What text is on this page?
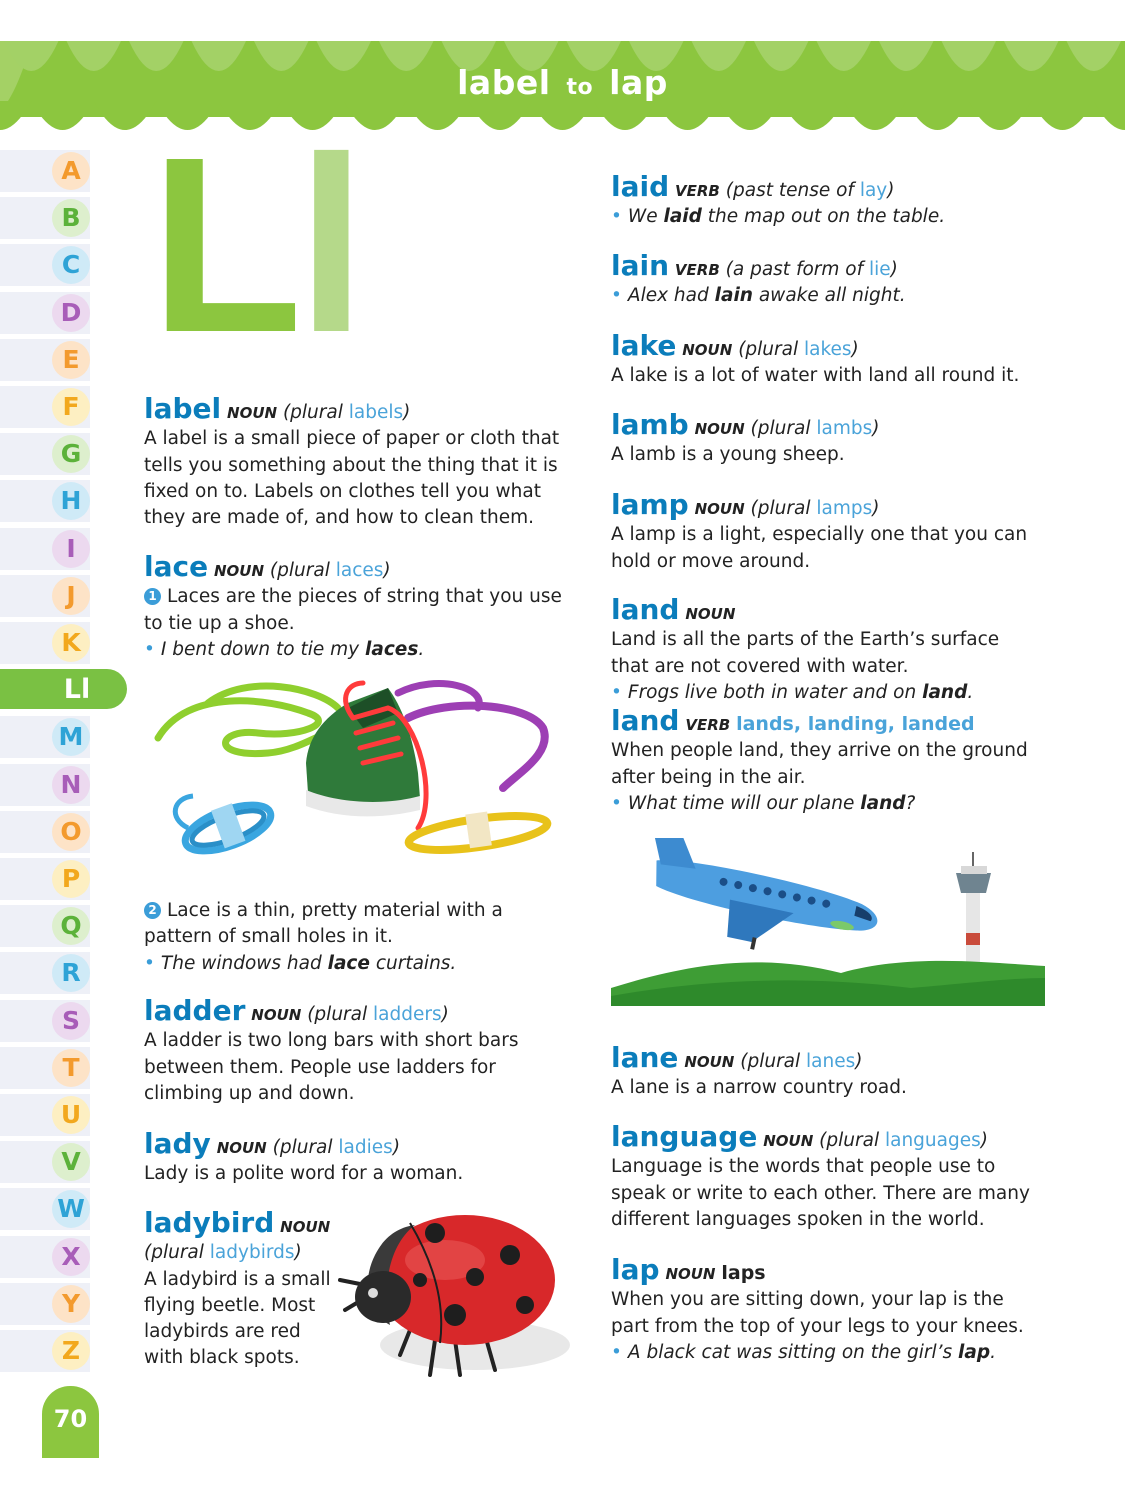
label to lap
A
B
C
D
E
F
G
H
I
J
K
Ll
M
N
O
P
Q
R
S
T
U
V
W
X
Y
Z
70
Ll
label NOUN (plural labels)
A label is a small piece of paper or cloth that tells you something about the thing that it is fixed on to. Labels on clothes tell you what they are made of, and how to clean them.
lace NOUN (plural laces)
1 Laces are the pieces of string that you use to tie up a shoe.
• I bent down to tie my laces.
2 Lace is a thin, pretty material with a pattern of small holes in it.
• The windows had lace curtains.
ladder NOUN (plural ladders)
A ladder is two long bars with short bars between them. People use ladders for climbing up and down.
lady NOUN (plural ladies)
Lady is a polite word for a woman.
ladybird NOUN
(plural ladybirds)
A ladybird is a small flying beetle. Most ladybirds are red with black spots.
laid VERB (past tense of lay)
• We laid the map out on the table.
lain VERB (a past form of lie)
• Alex had lain awake all night.
lake NOUN (plural lakes)
A lake is a lot of water with land all round it.
lamb NOUN (plural lambs)
A lamb is a young sheep.
lamp NOUN (plural lamps)
A lamp is a light, especially one that you can hold or move around.
land NOUN
Land is all the parts of the Earth’s surface that are not covered with water.
• Frogs live both in water and on land.
land VERB lands, landing, landed
When people land, they arrive on the ground after being in the air.
• What time will our plane land?
lane NOUN (plural lanes)
A lane is a narrow country road.
language NOUN (plural languages)
Language is the words that people use to speak or write to each other. There are many different languages spoken in the world.
lap NOUN laps
When you are sitting down, your lap is the part from the top of your legs to your knees.
• A black cat was sitting on the girl’s lap.
